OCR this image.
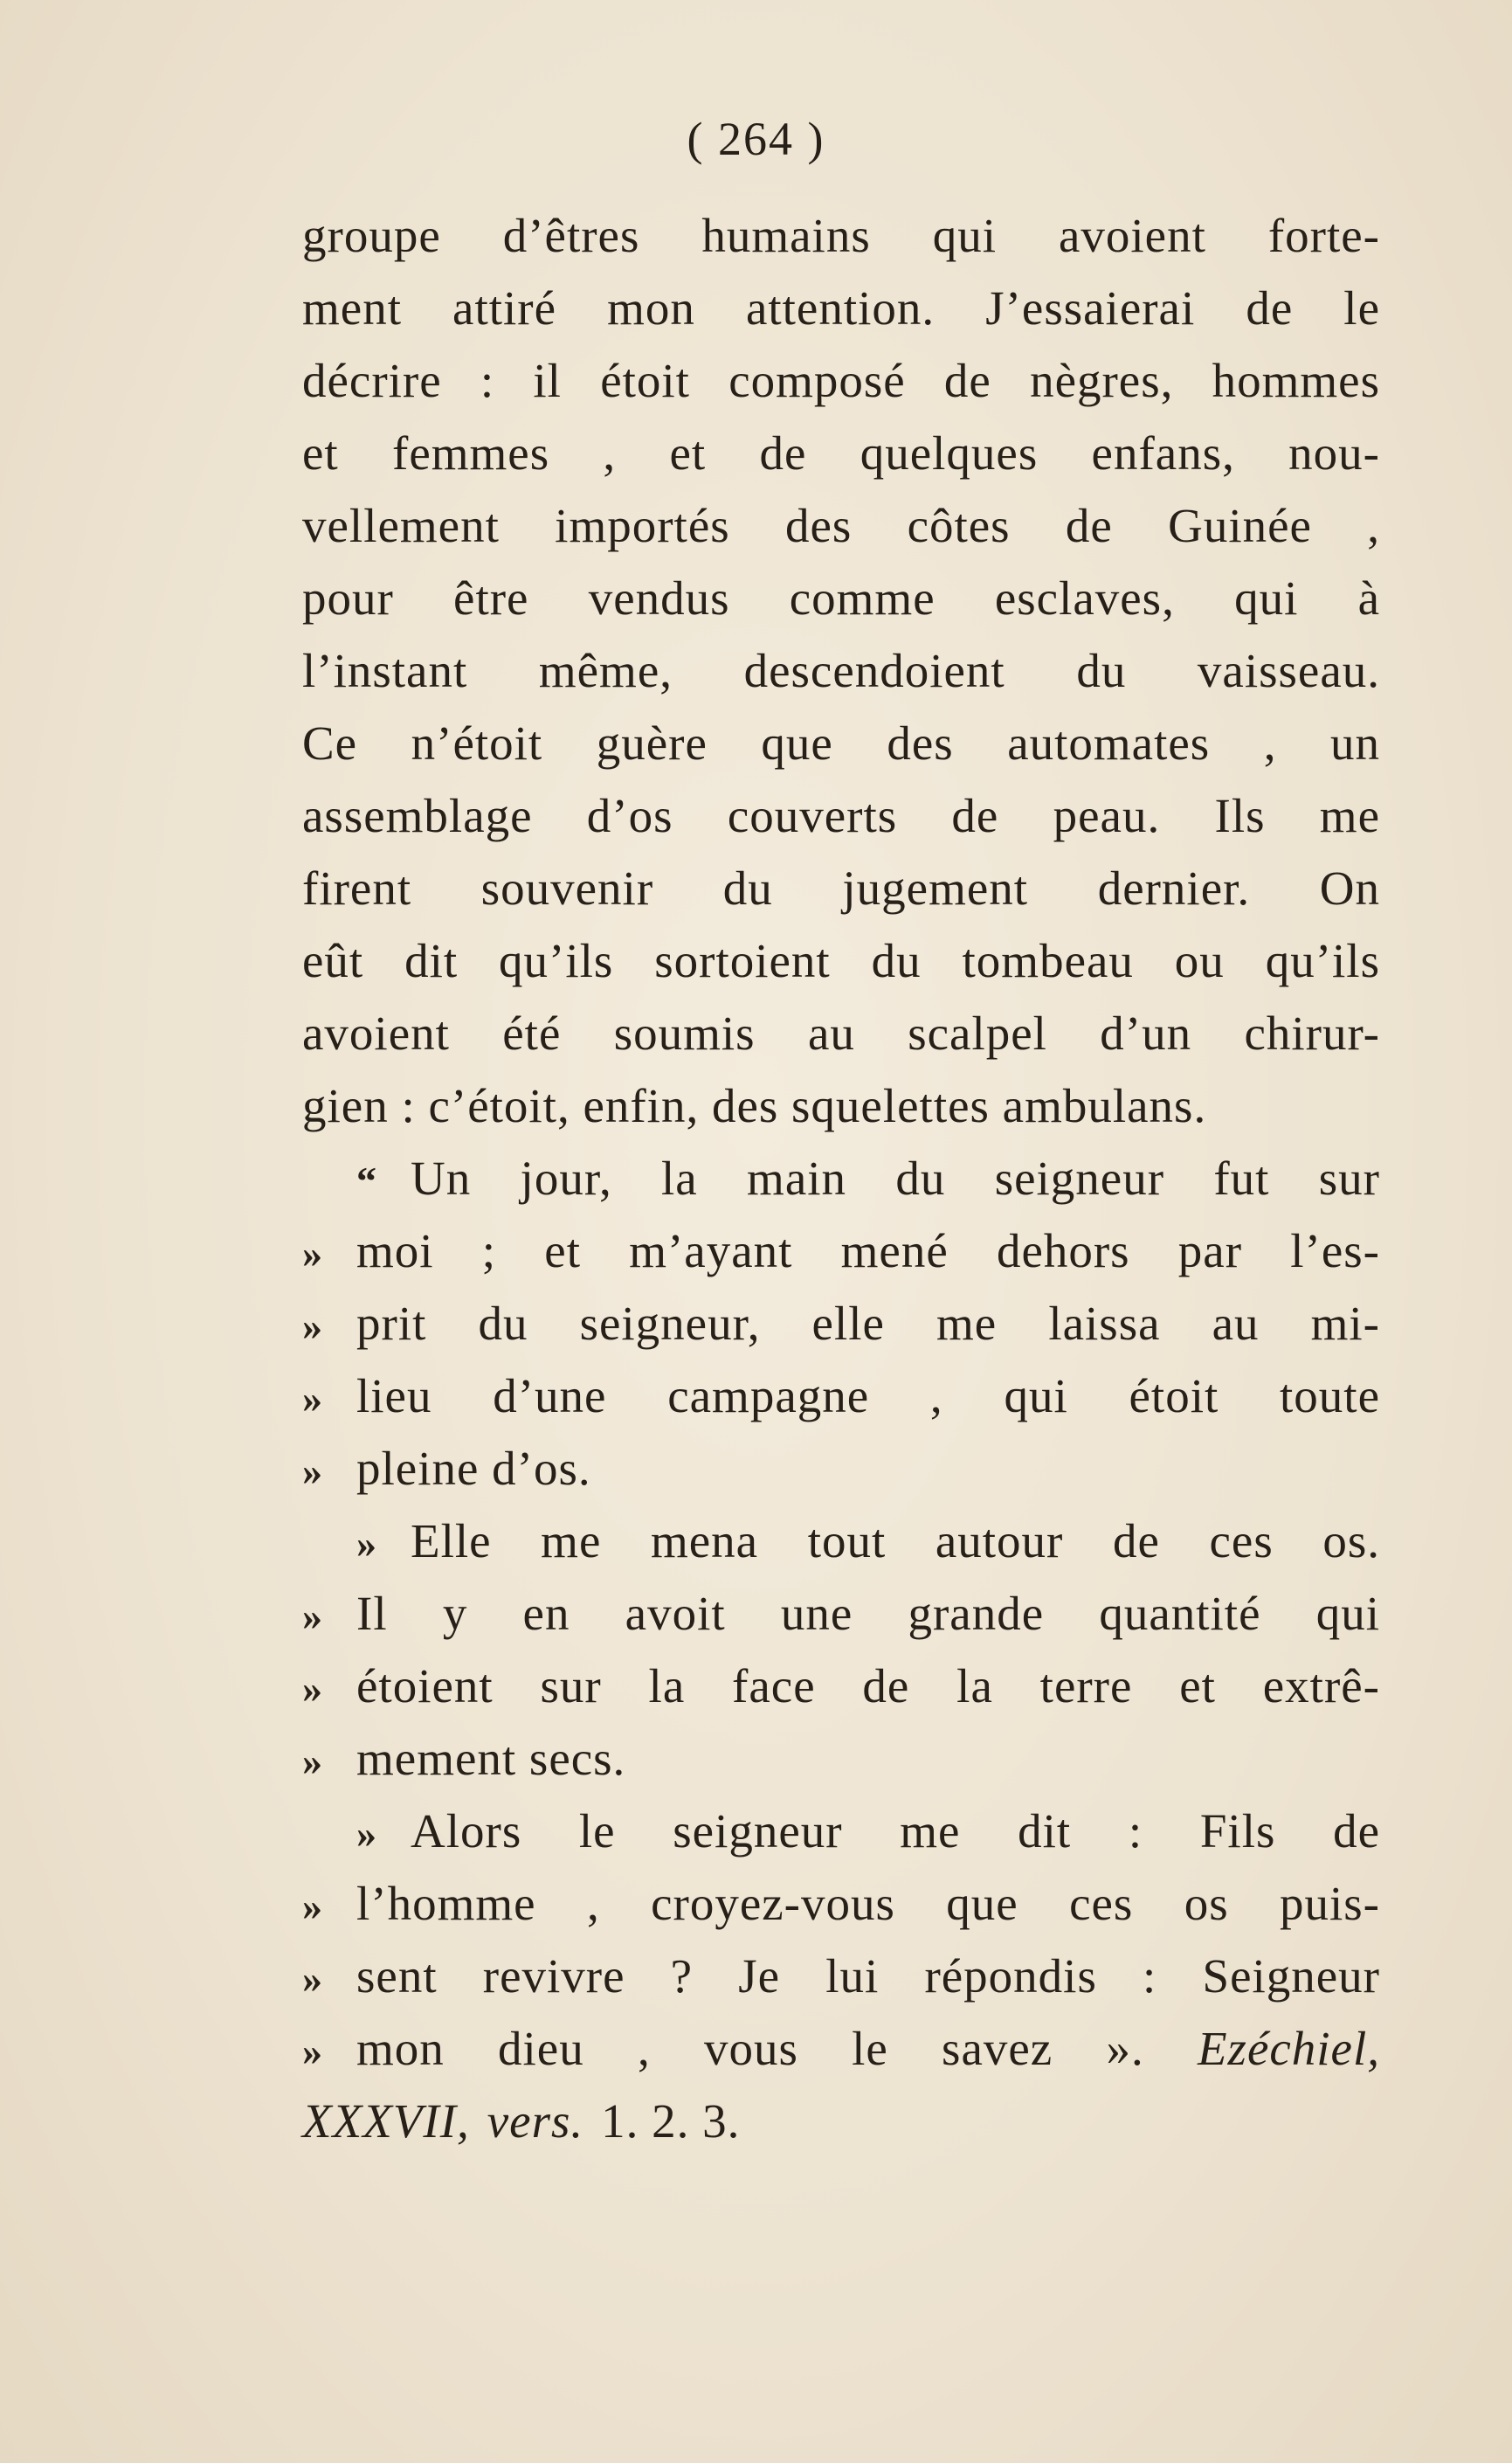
( 264 )
groupe d’êtres humains qui avoient forte-
ment attiré mon attention. J’essaierai de le
décrire : il étoit composé de nègres, hommes
et femmes , et de quelques enfans, nou-
vellement importés des côtes de Guinée ,
pour être vendus comme esclaves, qui à
l’instant même, descendoient du vaisseau.
Ce n’étoit guère que des automates , un
assemblage d’os couverts de peau. Ils me
firent souvenir du jugement dernier. On
eût dit qu’ils sortoient du tombeau ou qu’ils
avoient été soumis au scalpel d’un chirur-
gien : c’étoit, enfin, des squelettes ambulans.
“ Un jour, la main du seigneur fut sur
» moi ; et m’ayant mené dehors par l’es-
» prit du seigneur, elle me laissa au mi-
» lieu d’une campagne , qui étoit toute
» pleine d’os.
» Elle me mena tout autour de ces os.
» Il y en avoit une grande quantité qui
» étoient sur la face de la terre et extrê-
» mement secs.
» Alors le seigneur me dit : Fils de
» l’homme , croyez-vous que ces os puis-
» sent revivre ? Je lui répondis : Seigneur
» mon dieu , vous le savez ». Ezéchiel,
XXXVII, vers. 1. 2. 3.
